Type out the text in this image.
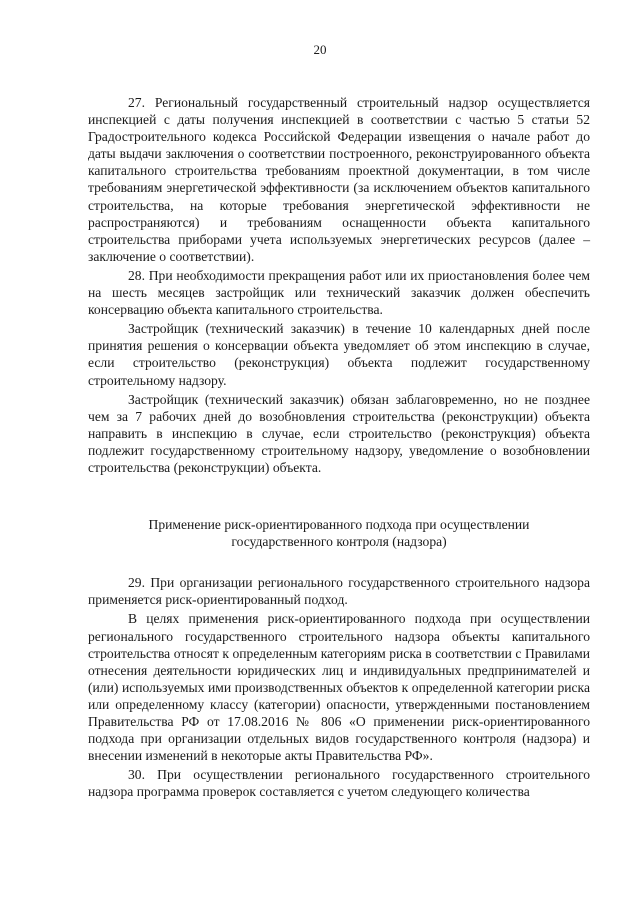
20

27. Региональный государственный строительный надзор осуществляется инспекцией с даты получения инспекцией в соответствии с частью 5 статьи 52 Градостроительного кодекса Российской Федерации извещения о начале работ до даты выдачи заключения о соответствии построенного, реконструированного объекта капитального строительства требованиям проектной документации, в том числе требованиям энергетической эффективности (за исключением объектов капитального строительства, на которые требования энергетической эффективности не распространяются) и требованиям оснащенности объекта капитального строительства приборами учета используемых энергетических ресурсов (далее – заключение о соответствии).

28. При необходимости прекращения работ или их приостановления более чем на шесть месяцев застройщик или технический заказчик должен обеспечить консервацию объекта капитального строительства.

Застройщик (технический заказчик) в течение 10 календарных дней после принятия решения о консервации объекта уведомляет об этом инспекцию в случае, если строительство (реконструкция) объекта подлежит государственному строительному надзору.

Застройщик (технический заказчик) обязан заблаговременно, но не позднее чем за 7 рабочих дней до возобновления строительства (реконструкции) объекта направить в инспекцию в случае, если строительство (реконструкция) объекта подлежит государственному строительному надзору, уведомление о возобновлении строительства (реконструкции) объекта.

Применение риск-ориентированного подхода при осуществлении
государственного контроля (надзора)

29. При организации регионального государственного строительного надзора применяется риск-ориентированный подход.

В целях применения риск-ориентированного подхода при осуществлении регионального государственного строительного надзора объекты капитального строительства относят к определенным категориям риска в соответствии с Правилами отнесения деятельности юридических лиц и индивидуальных предпринимателей и (или) используемых ими производственных объектов к определенной категории риска или определенному классу (категории) опасности, утвержденными постановлением Правительства РФ от 17.08.2016 № 806 «О применении риск-ориентированного подхода при организации отдельных видов государственного контроля (надзора) и внесении изменений в некоторые акты Правительства РФ».

30. При осуществлении регионального государственного строительного надзора программа проверок составляется с учетом следующего количества
